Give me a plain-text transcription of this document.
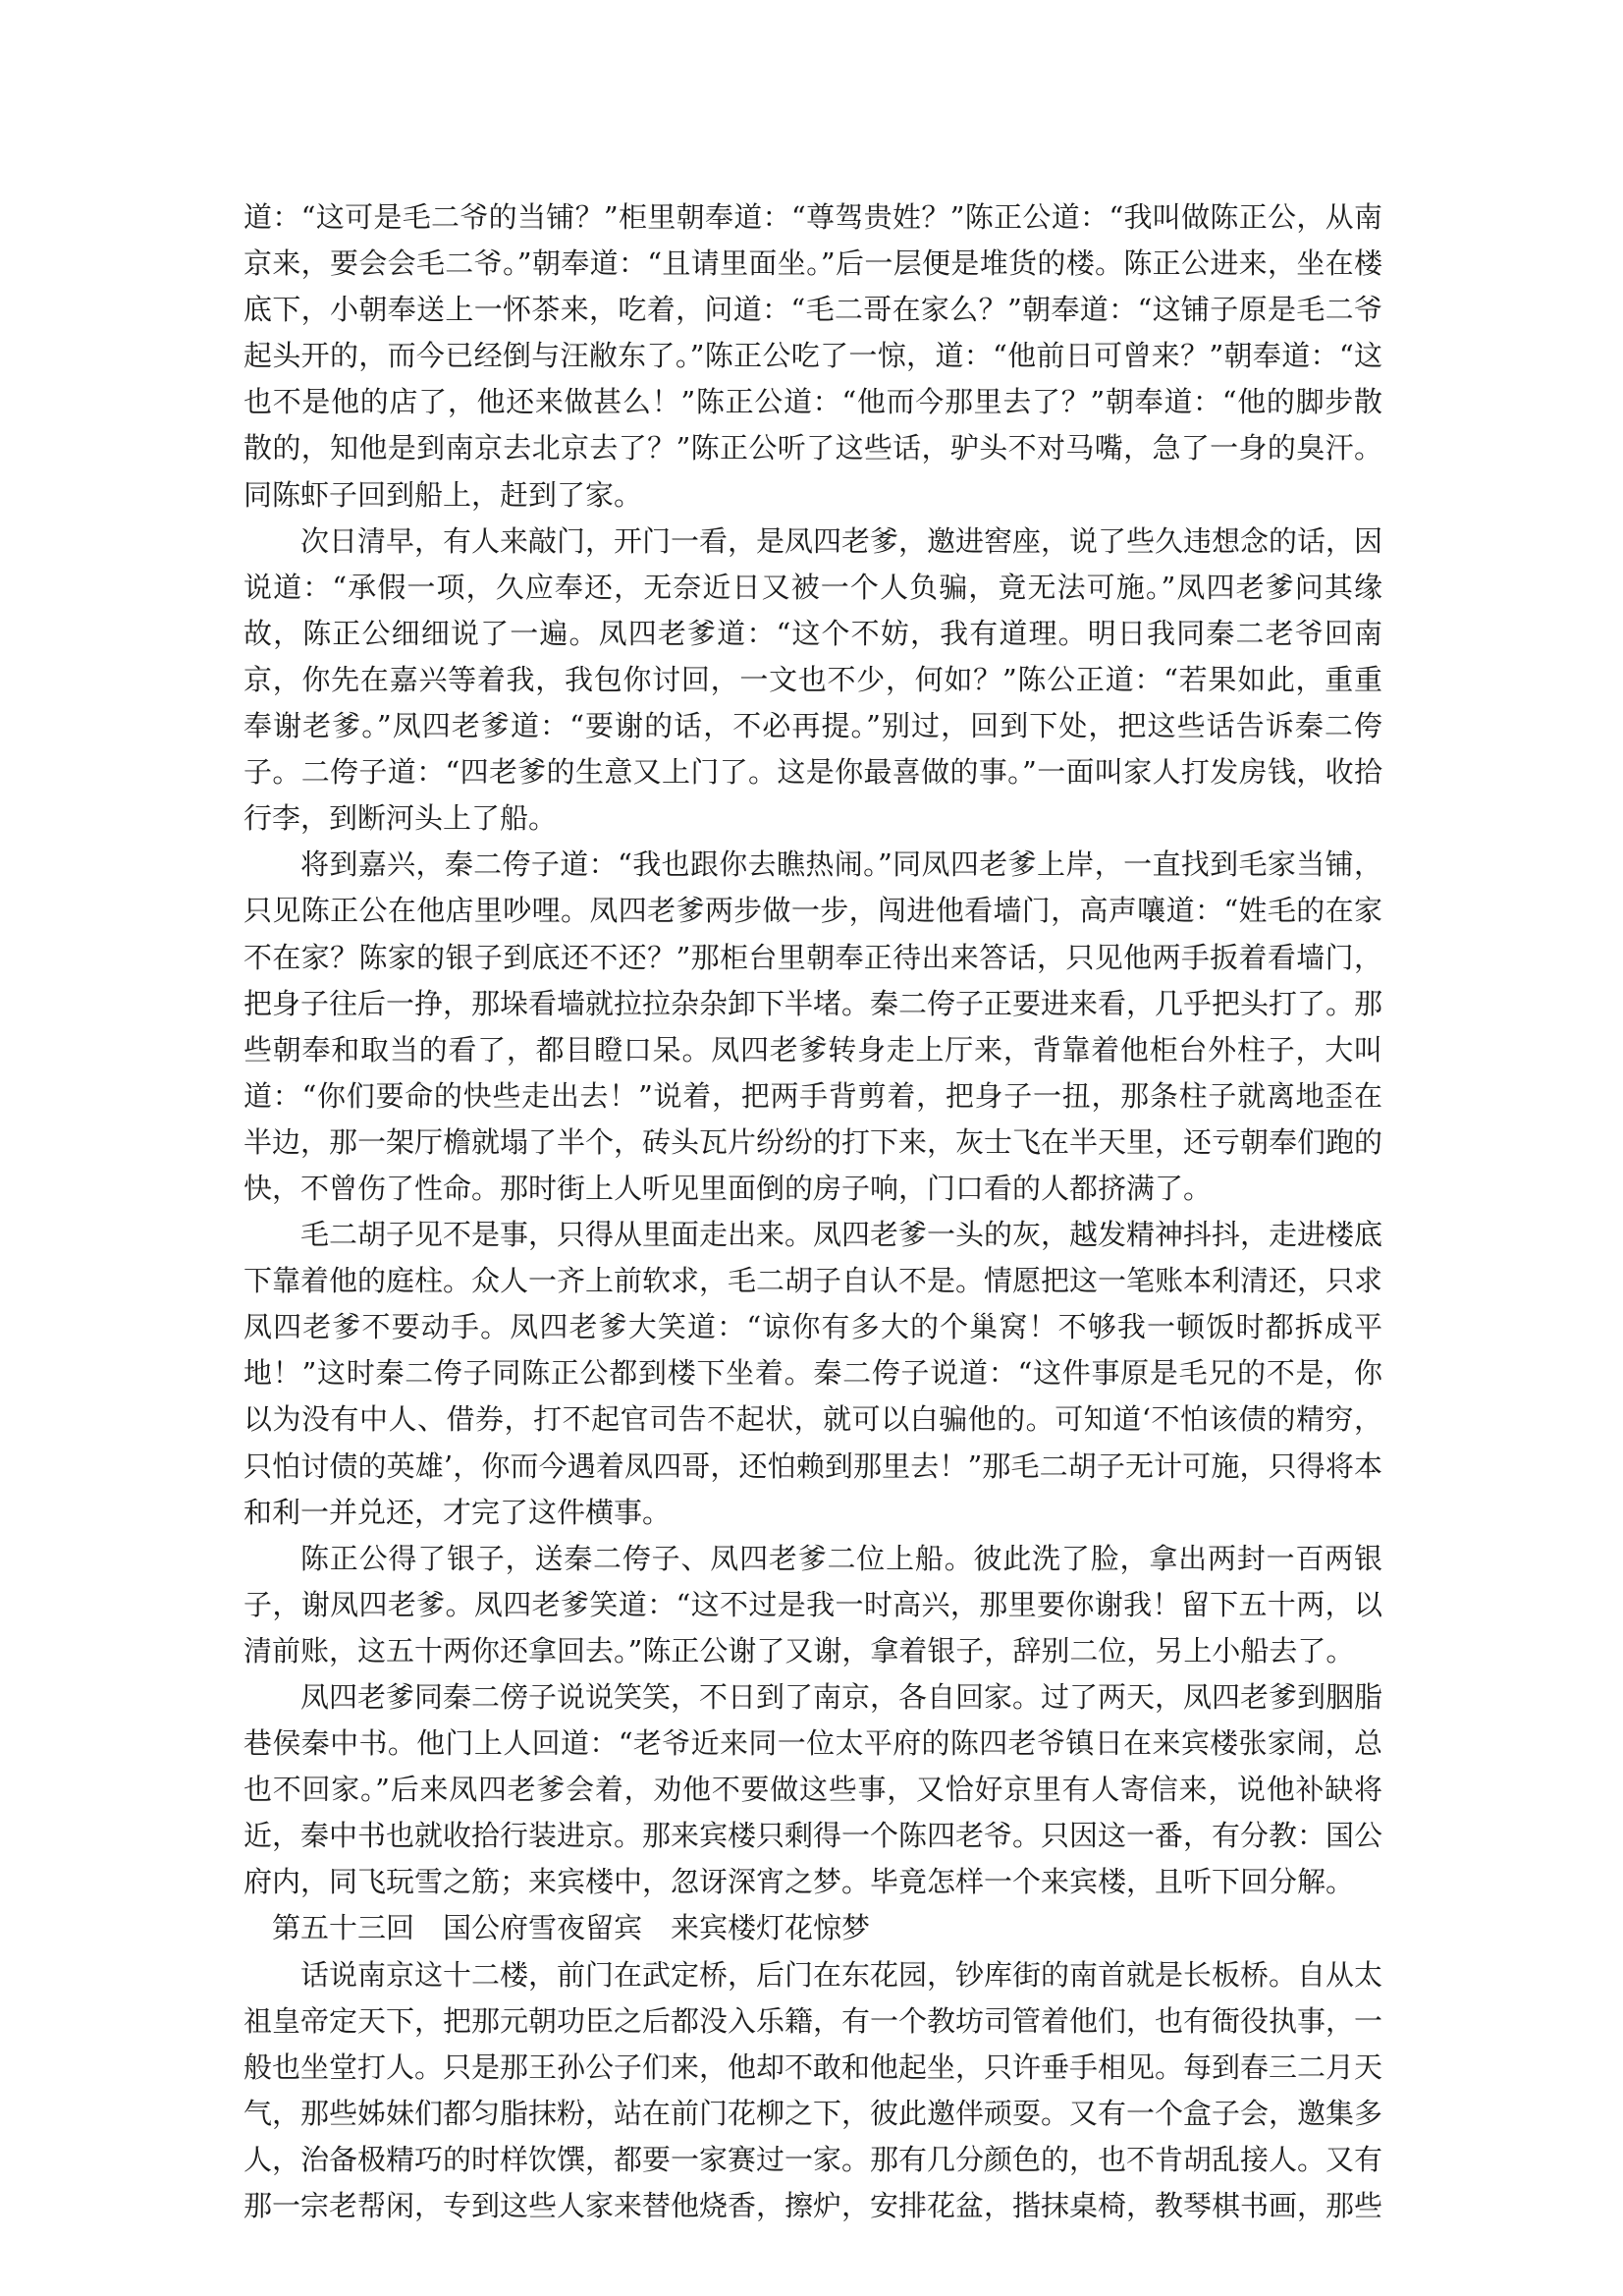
道：“这可是毛二爷的当铺？”柜里朝奉道：“尊驾贵姓？”陈正公道：“我叫做陈正公，从南京来，要会会毛二爷。”朝奉道：“且请里面坐。”后一层便是堆货的楼。陈正公进来，坐在楼底下，小朝奉送上一怀茶来，吃着，问道：“毛二哥在家么？”朝奉道：“这铺子原是毛二爷起头开的，而今已经倒与汪敝东了。”陈正公吃了一惊，道：“他前日可曾来？”朝奉道：“这也不是他的店了，他还来做甚么！”陈正公道：“他而今那里去了？”朝奉道：“他的脚步散散的，知他是到南京去北京去了？”陈正公听了这些话，驴头不对马嘴，急了一身的臭汗。同陈虾子回到船上，赶到了家。

次日清早，有人来敲门，开门一看，是凤四老爹，邀进窖座，说了些久违想念的话，因说道：“承假一项，久应奉还，无奈近日又被一个人负骗，竟无法可施。”凤四老爹问其缘故，陈正公细细说了一遍。凤四老爹道：“这个不妨，我有道理。明日我同秦二老爷回南京，你先在嘉兴等着我，我包你讨回，一文也不少，何如？”陈公正道：“若果如此，重重奉谢老爹。”凤四老爹道：“要谢的话，不必再提。”别过，回到下处，把这些话告诉秦二侉子。二侉子道：“四老爹的生意又上门了。这是你最喜做的事。”一面叫家人打发房钱，收拾行李，到断河头上了船。

将到嘉兴，秦二侉子道：“我也跟你去瞧热闹。”同凤四老爹上岸，一直找到毛家当铺，只见陈正公在他店里吵哩。凤四老爹两步做一步，闯进他看墙门，高声嚷道：“姓毛的在家不在家？陈家的银子到底还不还？”那柜台里朝奉正待出来答话，只见他两手扳着看墙门，把身子往后一挣，那垛看墙就拉拉杂杂卸下半堵。秦二侉子正要进来看，几乎把头打了。那些朝奉和取当的看了，都目瞪口呆。凤四老爹转身走上厅来，背靠着他柜台外柱子，大叫道：“你们要命的快些走出去！”说着，把两手背剪着，把身子一扭，那条柱子就离地歪在半边，那一架厅檐就塌了半个，砖头瓦片纷纷的打下来，灰士飞在半天里，还亏朝奉们跑的快，不曾伤了性命。那时街上人听见里面倒的房子响，门口看的人都挤满了。

毛二胡子见不是事，只得从里面走出来。凤四老爹一头的灰，越发精神抖抖，走进楼底下靠着他的庭柱。众人一齐上前软求，毛二胡子自认不是。情愿把这一笔账本利清还，只求凤四老爹不要动手。凤四老爹大笑道：“谅你有多大的个巢窝！不够我一顿饭时都拆成平地！”这时秦二侉子同陈正公都到楼下坐着。秦二侉子说道：“这件事原是毛兄的不是，你以为没有中人、借券，打不起官司告不起状，就可以白骗他的。可知道‘不怕该债的精穷，只怕讨债的英雄’，你而今遇着凤四哥，还怕赖到那里去！”那毛二胡子无计可施，只得将本和利一并兑还，才完了这件横事。

陈正公得了银子，送秦二侉子、凤四老爹二位上船。彼此洗了脸，拿出两封一百两银子，谢凤四老爹。凤四老爹笑道：“这不过是我一时高兴，那里要你谢我！留下五十两，以清前账，这五十两你还拿回去。”陈正公谢了又谢，拿着银子，辞别二位，另上小船去了。

凤四老爹同秦二傍子说说笑笑，不日到了南京，各自回家。过了两天，凤四老爹到胭脂巷侯秦中书。他门上人回道：“老爷近来同一位太平府的陈四老爷镇日在来宾楼张家闹，总也不回家。”后来凤四老爹会着，劝他不要做这些事，又恰好京里有人寄信来，说他补缺将近，秦中书也就收拾行装进京。那来宾楼只剩得一个陈四老爷。只因这一番，有分教：国公府内，同飞玩雪之筋；来宾楼中，忽讶深宵之梦。毕竟怎样一个来宾楼，且听下回分解。

第五十三回　国公府雪夜留宾　来宾楼灯花惊梦

话说南京这十二楼，前门在武定桥，后门在东花园，钞库街的南首就是长板桥。自从太祖皇帝定天下，把那元朝功臣之后都没入乐籍，有一个教坊司管着他们，也有衙役执事，一般也坐堂打人。只是那王孙公子们来，他却不敢和他起坐，只许垂手相见。每到春三二月天气，那些姊妹们都匀脂抹粉，站在前门花柳之下，彼此邀伴顽耍。又有一个盒子会，邀集多人，治备极精巧的时样饮馔，都要一家赛过一家。那有几分颜色的，也不肯胡乱接人。又有那一宗老帮闲，专到这些人家来替他烧香，擦炉，安排花盆，揩抹桌椅，教琴棋书画，那些
